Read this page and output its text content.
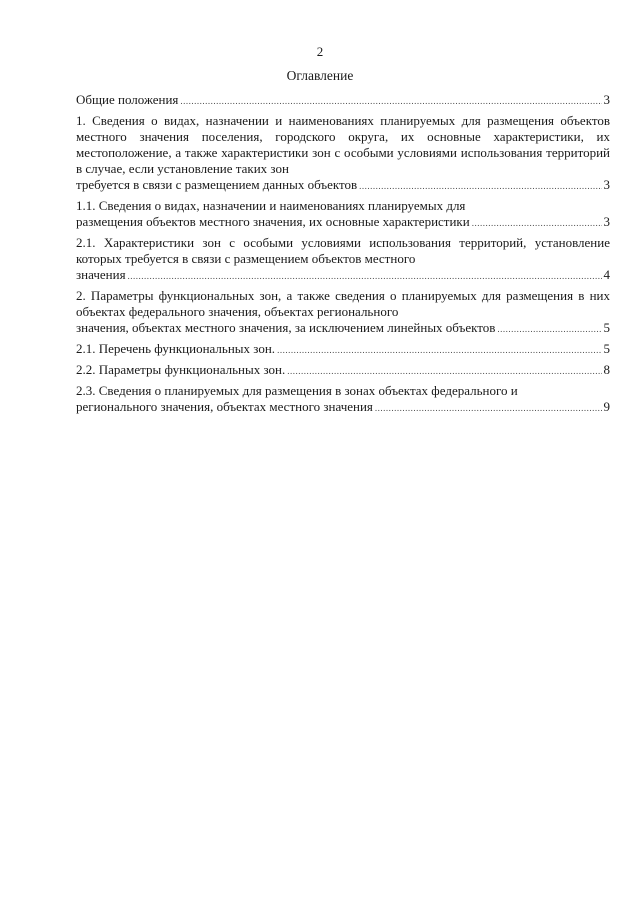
2
Оглавление
Общие положения .....	3
1. Сведения о видах, назначении и наименованиях планируемых для размещения объектов местного значения поселения, городского округа, их основные характеристики, их местоположение, а также характеристики зон с особыми условиями использования территорий в случае, если установление таких зон
требуется в связи с размещением данных объектов .....	3
1.1. Сведения о видах, назначении и наименованиях планируемых для
размещения объектов местного значения, их основные характеристики .....	3
2.1. Характеристики зон с особыми условиями использования территорий, установление которых требуется в связи с размещением объектов местного
значения .....	4
2. Параметры функциональных зон, а также сведения о планируемых для размещения в них объектах федерального значения, объектах регионального
значения, объектах местного значения, за исключением линейных объектов .....	5
2.1. Перечень функциональных зон. .....	5
2.2. Параметры функциональных зон. .....	8
2.3. Сведения о планируемых для размещения в зонах объектах федерального и
регионального значения, объектах местного значения .....	9
